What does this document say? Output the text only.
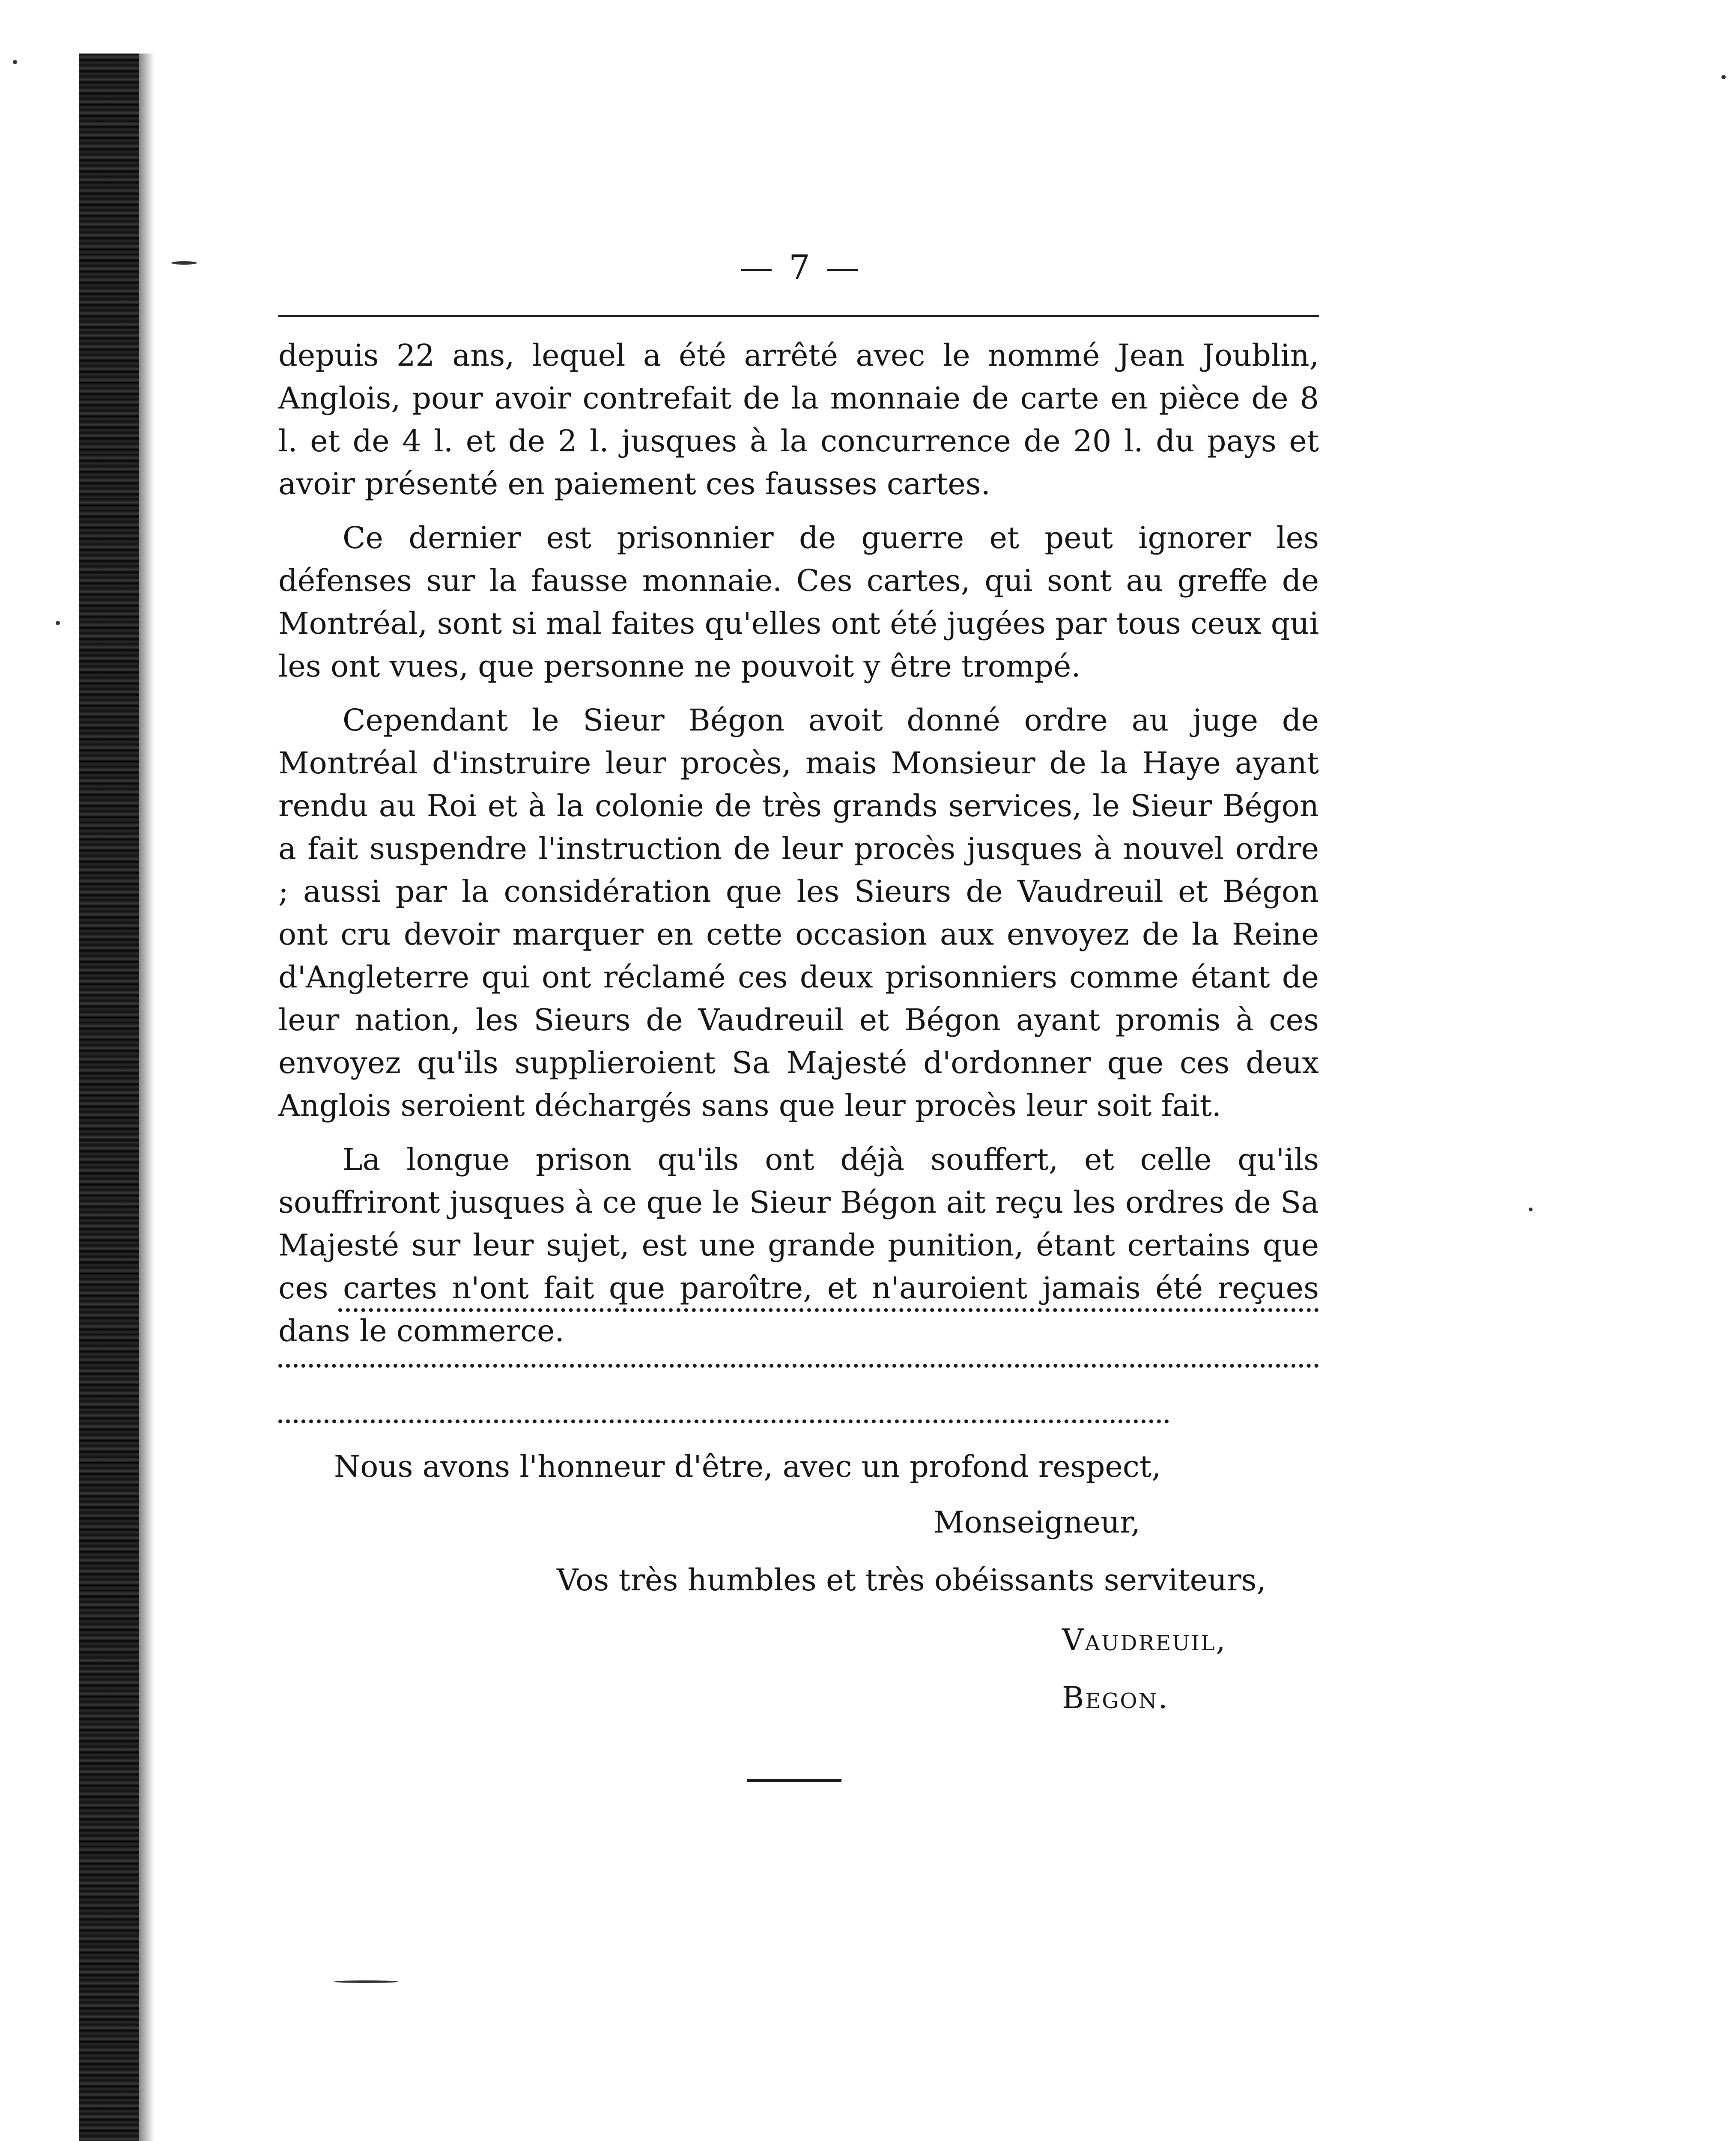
— 7 —

depuis 22 ans, lequel a été arrêté avec le nommé Jean Joublin, Anglois, pour avoir contrefait de la monnaie de carte en pièce de 8 l. et de 4 l. et de 2 l. jusques à la concurrence de 20 l. du pays et avoir présenté en paiement ces fausses cartes.

Ce dernier est prisonnier de guerre et peut ignorer les défenses sur la fausse monnaie. Ces cartes, qui sont au greffe de Montréal, sont si mal faites qu'elles ont été jugées par tous ceux qui les ont vues, que personne ne pouvoit y être trompé.

Cependant le Sieur Bégon avoit donné ordre au juge de Montréal d'instruire leur procès, mais Monsieur de la Haye ayant rendu au Roi et à la colonie de très grands services, le Sieur Bégon a fait suspendre l'instruction de leur procès jusques à nouvel ordre ; aussi par la considération que les Sieurs de Vaudreuil et Bégon ont cru devoir marquer en cette occasion aux envoyez de la Reine d'Angleterre qui ont réclamé ces deux prisonniers comme étant de leur nation, les Sieurs de Vaudreuil et Bégon ayant promis à ces envoyez qu'ils supplieroient Sa Majesté d'ordonner que ces deux Anglois seroient déchargés sans que leur procès leur soit fait.

La longue prison qu'ils ont déjà souffert, et celle qu'ils souffriront jusques à ce que le Sieur Bégon ait reçu les ordres de Sa Majesté sur leur sujet, est une grande punition, étant certains que ces cartes n'ont fait que paroître, et n'auroient jamais été reçues dans le commerce.

Nous avons l'honneur d'être, avec un profond respect,
Monseigneur,
Vos très humbles et très obéissants serviteurs,
Vaudreuil,
Begon.
